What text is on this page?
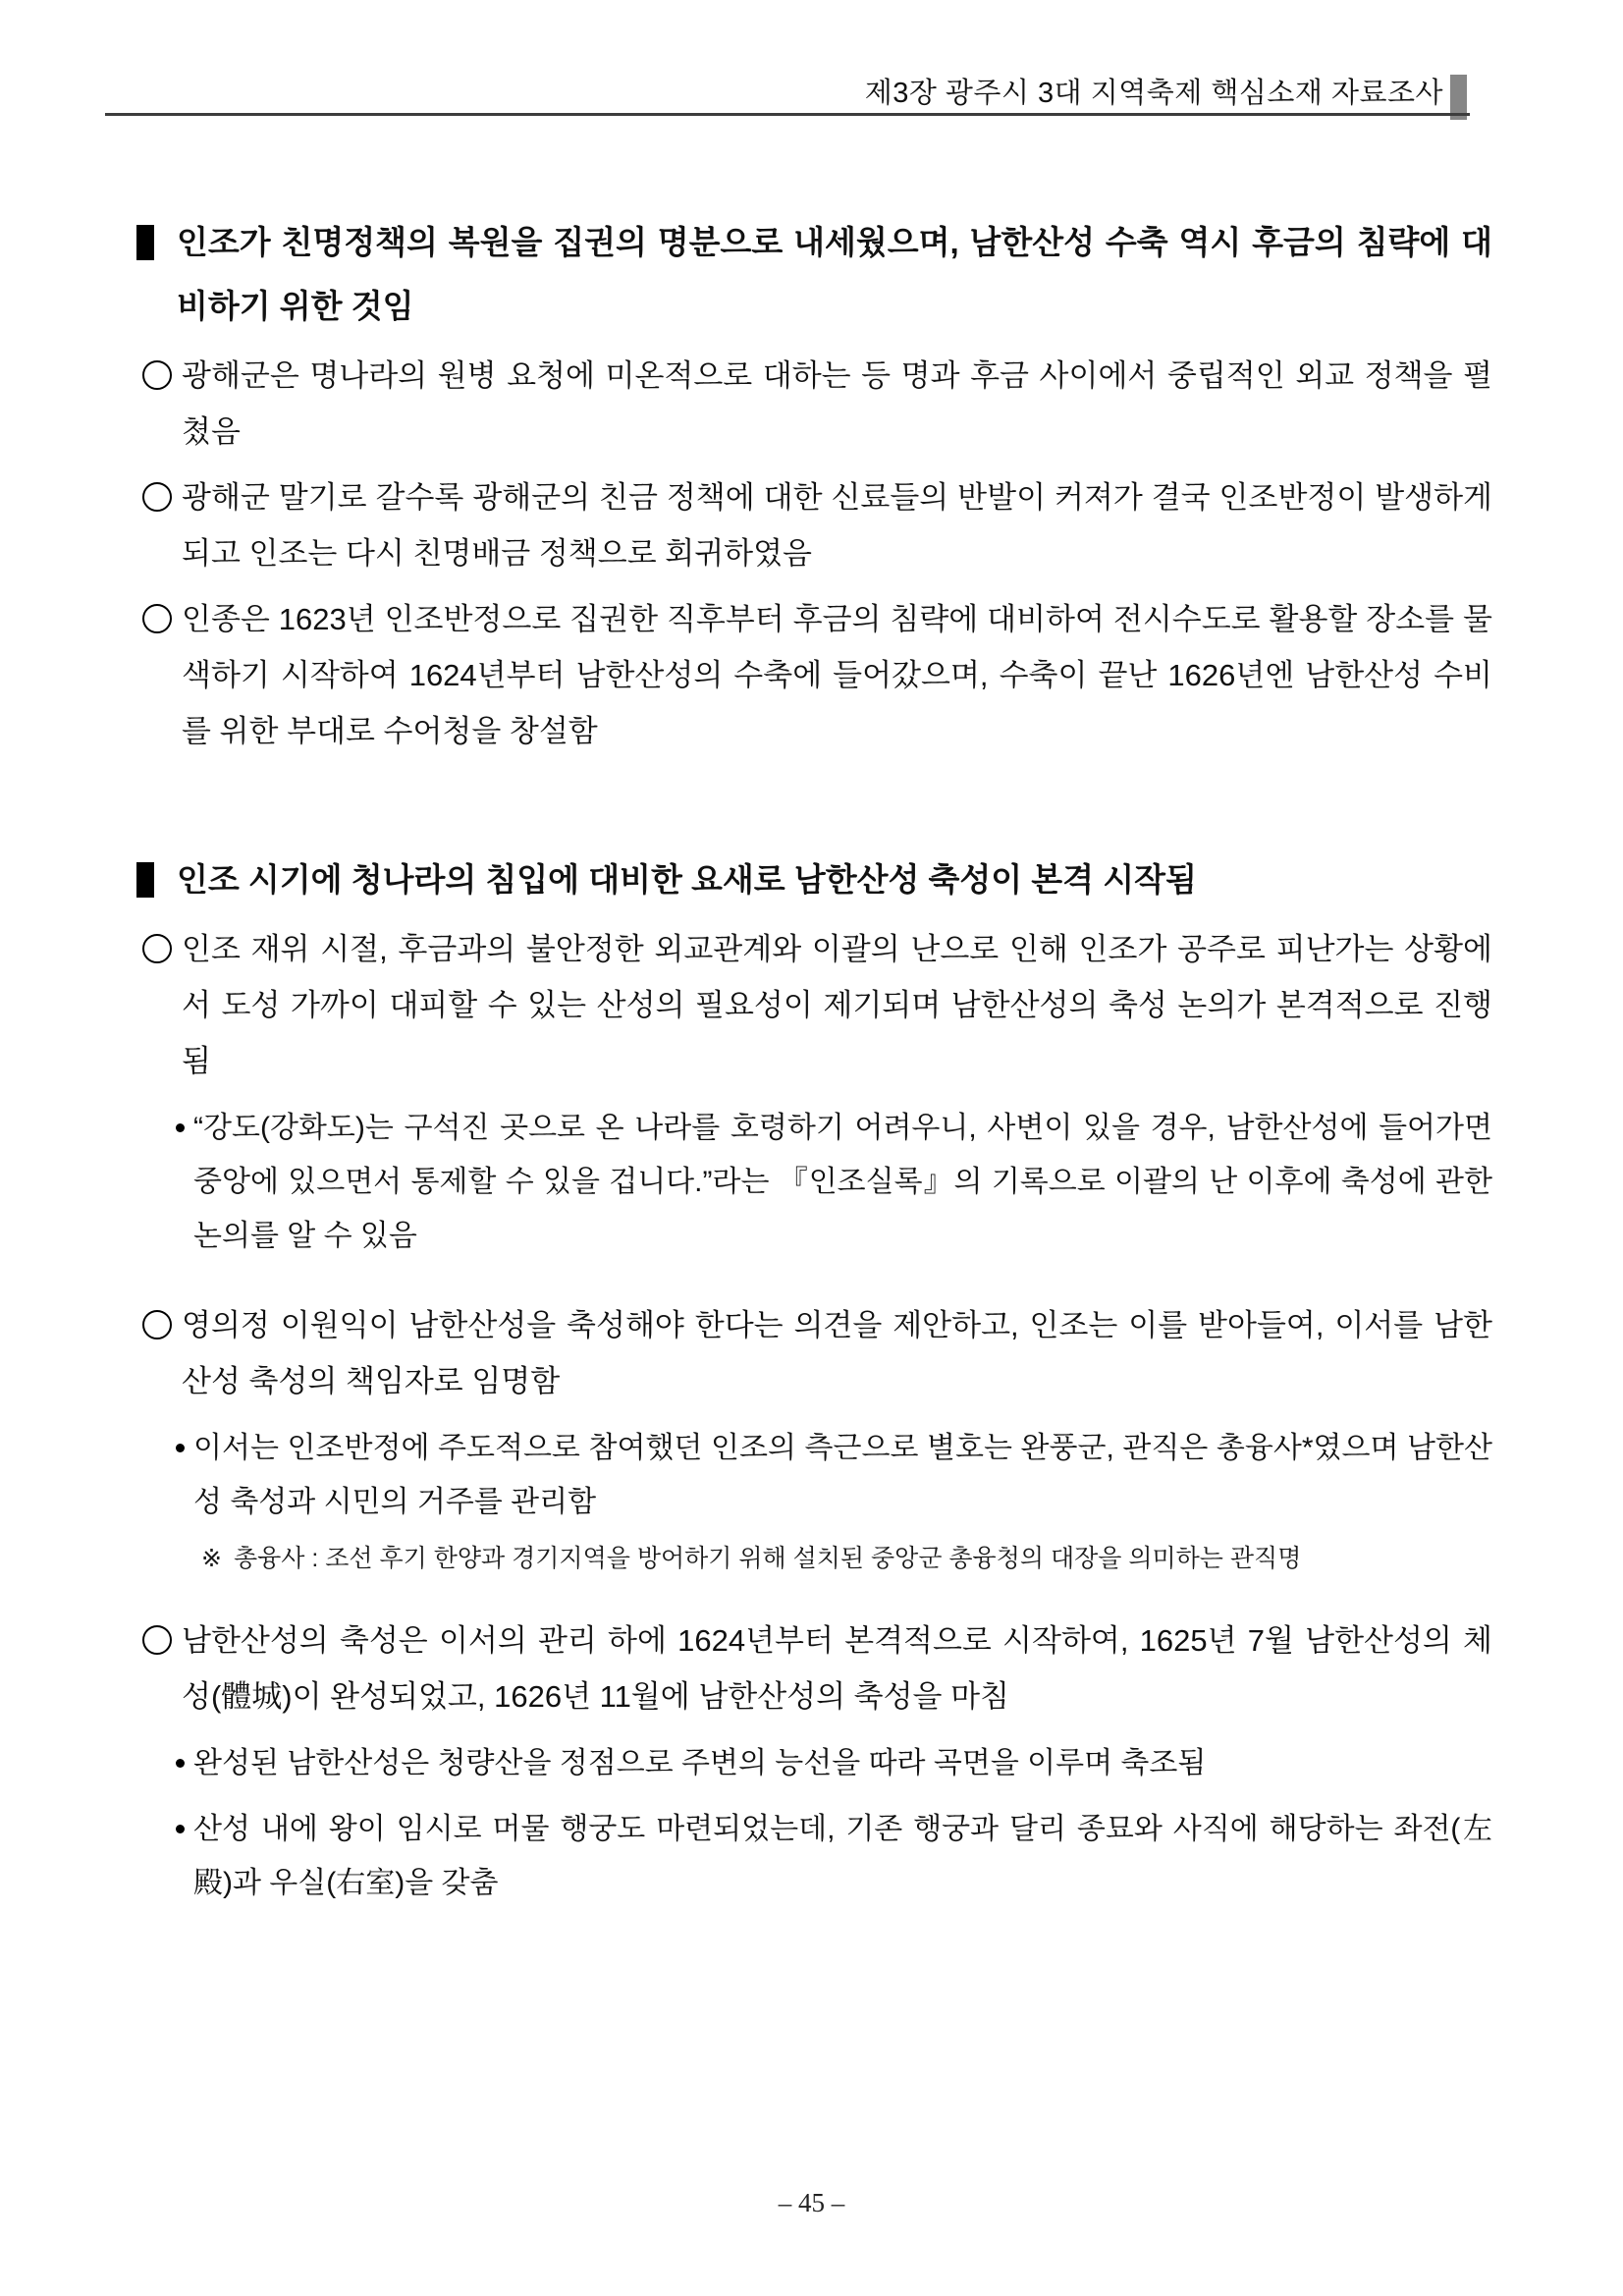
제3장 광주시 3대 지역축제 핵심소재 자료조사
인조가 친명정책의 복원을 집권의 명분으로 내세웠으며, 남한산성 수축 역시 후금의 침략에 대비하기 위한 것임
광해군은 명나라의 원병 요청에 미온적으로 대하는 등 명과 후금 사이에서 중립적인 외교 정책을 펼쳤음
광해군 말기로 갈수록 광해군의 친금 정책에 대한 신료들의 반발이 커져가 결국 인조반정이 발생하게 되고 인조는 다시 친명배금 정책으로 회귀하였음
인종은 1623년 인조반정으로 집권한 직후부터 후금의 침략에 대비하여 전시수도로 활용할 장소를 물색하기 시작하여 1624년부터 남한산성의 수축에 들어갔으며, 수축이 끝난 1626년엔 남한산성 수비를 위한 부대로 수어청을 창설함
인조 시기에 청나라의 침입에 대비한 요새로 남한산성 축성이 본격 시작됨
인조 재위 시절, 후금과의 불안정한 외교관계와 이괄의 난으로 인해 인조가 공주로 피난가는 상황에서 도성 가까이 대피할 수 있는 산성의 필요성이 제기되며 남한산성의 축성 논의가 본격적으로 진행됨
“강도(강화도)는 구석진 곳으로 온 나라를 호령하기 어려우니, 사변이 있을 경우, 남한산성에 들어가면 중앙에 있으면서 통제할 수 있을 겁니다.”라는 『인조실록』의 기록으로 이괄의 난 이후에 축성에 관한 논의를 알 수 있음
영의정 이원익이 남한산성을 축성해야 한다는 의견을 제안하고, 인조는 이를 받아들여, 이서를 남한산성 축성의 책임자로 임명함
이서는 인조반정에 주도적으로 참여했던 인조의 측근으로 별호는 완풍군, 관직은 총융사*였으며 남한산성 축성과 시민의 거주를 관리함
※ 총융사 : 조선 후기 한양과 경기지역을 방어하기 위해 설치된 중앙군 총융청의 대장을 의미하는 관직명
남한산성의 축성은 이서의 관리 하에 1624년부터 본격적으로 시작하여, 1625년 7월 남한산성의 체성(體城)이 완성되었고, 1626년 11월에 남한산성의 축성을 마침
완성된 남한산성은 청량산을 정점으로 주변의 능선을 따라 곡면을 이루며 축조됨
산성 내에 왕이 임시로 머물 행궁도 마련되었는데, 기존 행궁과 달리 종묘와 사직에 해당하는 좌전(左殿)과 우실(右室)을 갖춤
– 45 –
